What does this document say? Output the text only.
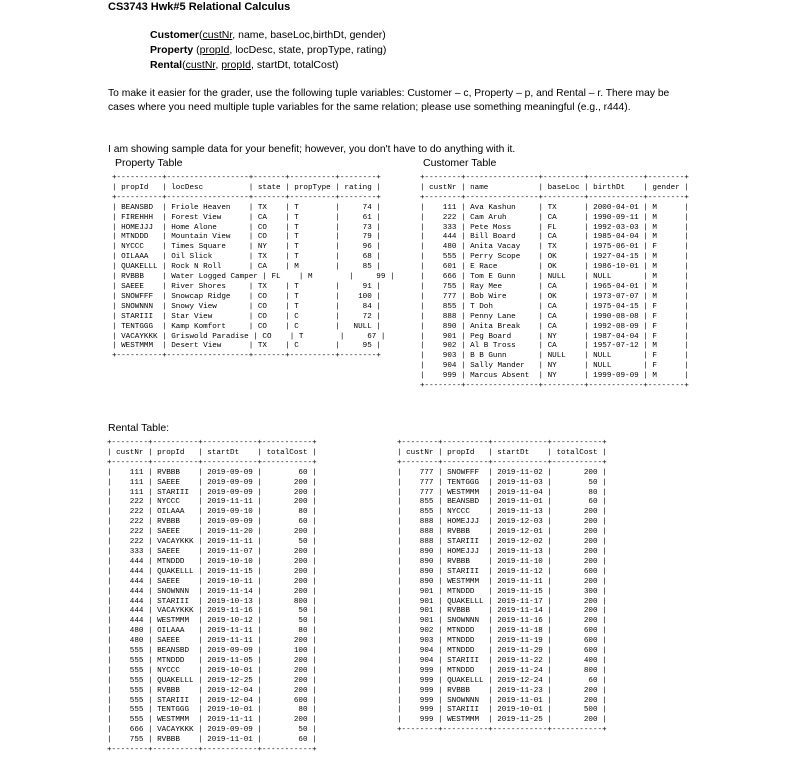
CS3743 Hwk#5 Relational Calculus
Customer(custNr, name, baseLoc,birthDt, gender)
Property (propId, locDesc, state, propType, rating)
Rental(custNr, propId, startDt, totalCost)
To make it easier for the grader, use the following tuple variables: Customer – c, Property – p, and Rental – r. There may be cases where you need multiple tuple variables for the same relation; please use something meaningful (e.g., r444).
I am showing sample data for your benefit; however, you don't have to do anything with it.
Property Table	Customer Table
+----------+------------------+-------+----------+--------+
| propId   | locDesc          | state | propType | rating |
+----------+------------------+-------+----------+--------+
| BEANSBD  | Friole Heaven    | TX    | T        |     74 |
| FIREHHH  | Forest View      | CA    | T        |     61 |
| HOMEJJJ  | Home Alone       | CO    | T        |     73 |
| MTNDDD   | Mountain View    | CO    | T        |     79 |
| NYCCC    | Times Square     | NY    | T        |     96 |
| OILAAA   | Oil Slick        | TX    | T        |     68 |
| QUAKELLL | Rock N Roll      | CA    | M        |     85 |
| RVBBB    | Water Logged Camper | FL    | M        |     99 |
| SAEEE    | River Shores     | TX    | T        |     91 |
| SNOWFFF  | Snowcap Ridge    | CO    | T        |    100 |
| SNOWNNN  | Snowy View       | CO    | T        |     84 |
| STARIII  | Star View        | CO    | C        |     72 |
| TENTGGG  | Kamp Komfort     | CO    | C        |   NULL |
| VACAYKKK | Griswold Paradise | CO    | T        |     67 |
| WESTMMM  | Desert View      | TX    | C        |     95 |
+----------+------------------+-------+----------+--------+
+--------+----------------+---------+------------+--------+
| custNr | name           | baseLoc | birthDt    | gender |
+--------+----------------+---------+------------+--------+
|    111 | Ava Kashun     | TX      | 2000-04-01 | M      |
|    222 | Cam Aruh       | CA      | 1990-09-11 | M      |
|    333 | Pete Moss      | FL      | 1992-03-03 | M      |
|    444 | Bill Board     | CA      | 1985-04-04 | M      |
|    480 | Anita Vacay    | TX      | 1975-06-01 | F      |
|    555 | Perry Scope    | OK      | 1927-04-15 | M      |
|    601 | E Race         | OK      | 1986-10-01 | M      |
|    666 | Tom E Gunn     | NULL    | NULL       | M      |
|    755 | Ray Mee        | CA      | 1965-04-01 | M      |
|    777 | Bob Wire       | OK      | 1973-07-07 | M      |
|    855 | T Doh          | CA      | 1975-04-15 | F      |
|    888 | Penny Lane     | CA      | 1990-08-08 | F      |
|    890 | Anita Break    | CA      | 1992-08-09 | F      |
|    901 | Peg Board      | NY      | 1987-04-04 | F      |
|    902 | Al B Tross     | CA      | 1957-07-12 | M      |
|    903 | B B Gunn       | NULL    | NULL       | F      |
|    904 | Sally Mander   | NY      | NULL       | F      |
|    999 | Marcus Absent  | NY      | 1999-09-09 | M      |
+--------+----------------+---------+------------+--------+
Rental Table:
+--------+----------+------------+-----------+
| custNr | propId   | startDt    | totalCost |
+--------+----------+------------+-----------+
|    111 | RVBBB    | 2019-09-09 |        60 |
|    111 | SAEEE    | 2019-09-09 |       200 |
|    111 | STARIII  | 2019-09-09 |       200 |
|    222 | NYCCC    | 2019-11-11 |       200 |
|    222 | OILAAA   | 2019-09-10 |        80 |
|    222 | RVBBB    | 2019-09-09 |        60 |
|    222 | SAEEE    | 2019-11-20 |       200 |
|    222 | VACAYKKK | 2019-11-11 |        50 |
|    333 | SAEEE    | 2019-11-07 |       200 |
|    444 | MTNDDD   | 2019-10-10 |       200 |
|    444 | QUAKELLL | 2019-11-15 |       200 |
|    444 | SAEEE    | 2019-10-11 |       200 |
|    444 | SNOWNNN  | 2019-11-14 |       200 |
|    444 | STARIII  | 2019-10-13 |       800 |
|    444 | VACAYKKK | 2019-11-16 |        50 |
|    444 | WESTMMM  | 2019-10-12 |        50 |
|    480 | OILAAA   | 2019-11-11 |        80 |
|    480 | SAEEE    | 2019-11-11 |       200 |
|    555 | BEANSBD  | 2019-09-09 |       100 |
|    555 | MTNDDD   | 2019-11-05 |       200 |
|    555 | NYCCC    | 2019-10-01 |       200 |
|    555 | QUAKELLL | 2019-12-25 |       200 |
|    555 | RVBBB    | 2019-12-04 |       200 |
|    555 | STARIII  | 2019-12-04 |       600 |
|    555 | TENTGGG  | 2019-10-01 |        80 |
|    555 | WESTMMM  | 2019-11-11 |       200 |
|    666 | VACAYKKK | 2019-09-09 |        50 |
|    755 | RVBBB    | 2019-11-01 |        60 |
+--------+----------+------------+-----------+
+--------+----------+------------+-----------+
| custNr | propId   | startDt    | totalCost |
+--------+----------+------------+-----------+
|    777 | SNOWFFF  | 2019-11-02 |       200 |
|    777 | TENTGGG  | 2019-11-03 |        50 |
|    777 | WESTMMM  | 2019-11-04 |        80 |
|    855 | BEANSBD  | 2019-11-01 |        60 |
|    855 | NYCCC    | 2019-11-13 |       200 |
|    888 | HOMEJJJ  | 2019-12-03 |       200 |
|    888 | RVBBB    | 2019-12-01 |       200 |
|    888 | STARIII  | 2019-12-02 |       200 |
|    890 | HOMEJJJ  | 2019-11-13 |       200 |
|    890 | RVBBB    | 2019-11-10 |       200 |
|    890 | STARIII  | 2019-11-12 |       600 |
|    890 | WESTMMM  | 2019-11-11 |       200 |
|    901 | MTNDDD   | 2019-11-15 |       300 |
|    901 | QUAKELLL | 2019-11-17 |       200 |
|    901 | RVBBB    | 2019-11-14 |       200 |
|    901 | SNOWNNN  | 2019-11-16 |       200 |
|    902 | MTNDDD   | 2019-11-18 |       600 |
|    903 | MTNDDD   | 2019-11-19 |       600 |
|    904 | MTNDDD   | 2019-11-29 |       600 |
|    904 | STARIII  | 2019-11-22 |       400 |
|    999 | MTNDDD   | 2019-11-24 |       800 |
|    999 | QUAKELLL | 2019-12-24 |        60 |
|    999 | RVBBB    | 2019-11-23 |       200 |
|    999 | SNOWNNN  | 2019-11-01 |       200 |
|    999 | STARIII  | 2019-10-01 |       500 |
|    999 | WESTMMM  | 2019-11-25 |       200 |
+--------+----------+------------+-----------+
